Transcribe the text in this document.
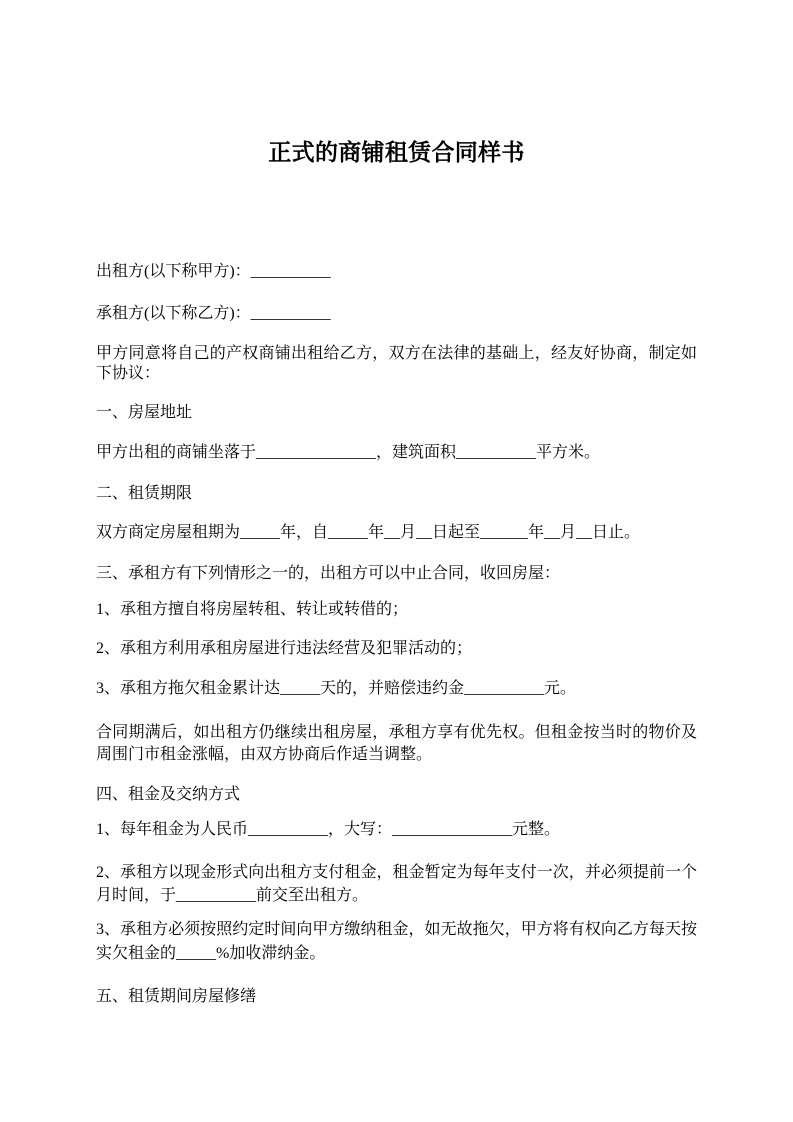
正式的商铺租赁合同样书
出租方(以下称甲方)：__________
承租方(以下称乙方)：__________
甲方同意将自己的产权商铺出租给乙方，双方在法律的基础上，经友好协商，制定如
下协议：
一、房屋地址
甲方出租的商铺坐落于_______________，建筑面积__________平方米。
二、租赁期限
双方商定房屋租期为_____年，自_____年__月__日起至______年__月__日止。
三、承租方有下列情形之一的，出租方可以中止合同，收回房屋：
1、承租方擅自将房屋转租、转让或转借的；
2、承租方利用承租房屋进行违法经营及犯罪活动的；
3、承租方拖欠租金累计达_____天的，并赔偿违约金__________元。
合同期满后，如出租方仍继续出租房屋，承租方享有优先权。但租金按当时的物价及
周围门市租金涨幅，由双方协商后作适当调整。
四、租金及交纳方式
1、每年租金为人民币__________，大写：_______________元整。
2、承租方以现金形式向出租方支付租金，租金暂定为每年支付一次，并必须提前一个
月时间，于__________前交至出租方。
3、承租方必须按照约定时间向甲方缴纳租金，如无故拖欠，甲方将有权向乙方每天按
实欠租金的_____%加收滞纳金。
五、租赁期间房屋修缮
